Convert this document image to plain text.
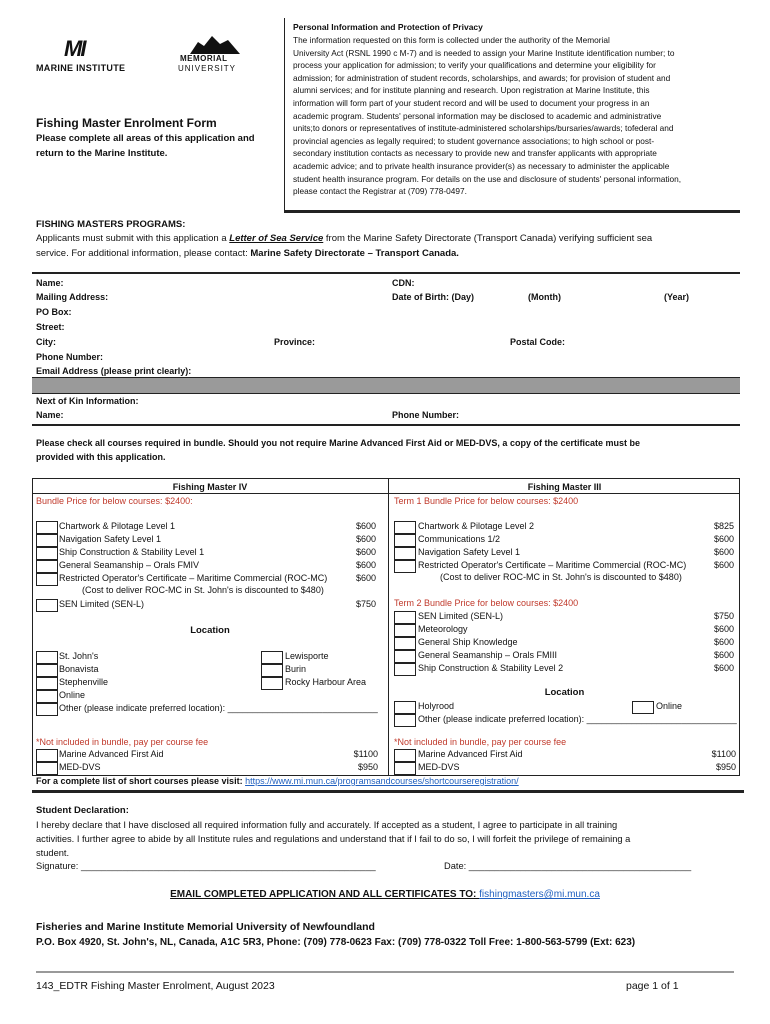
MI
MARINE INSTITUTE
MEMORIAL
UNIVERSITY
Fishing Master Enrolment Form
Please complete all areas of this application and
return to the Marine Institute.
Personal Information and Protection of Privacy
The information requested on this form is collected under the authority of the Memorial
University Act (RSNL 1990 c M-7) and is needed to assign your Marine Institute identification number; to
process your application for admission; to verify your qualifications and determine your eligibility for
admission; for administration of student records, scholarships, and awards; for provision of student and
alumni services; and for institute planning and research. Upon registration at Marine Institute, this
information will form part of your student record and will be used to document your progress in an
academic program. Students' personal information may be disclosed to academic and administrative
units;to donors or representatives of institute-administered scholarships/bursaries/awards; tofederal and
provincial agencies as legally required; to student governance associations; to high school or post-
secondary institution contacts as necessary to provide new and transfer applicants with appropriate
academic advice; and to private health insurance provider(s) as necessary to administer the applicable
student health insurance program. For details on the use and disclosure of students' personal information,
please contact the Registrar at (709) 778-0497.
FISHING MASTERS PROGRAMS:
Applicants must submit with this application a Letter of Sea Service from the Marine Safety Directorate (Transport Canada) verifying sufficient sea
service. For additional information, please contact: Marine Safety Directorate – Transport Canada.
Name:	CDN:
Mailing Address:	Date of Birth: (Day)	(Month)	(Year)
PO Box:
Street:
City:	Province:	Postal Code:
Phone Number:
Email Address (please print clearly):
Next of Kin Information:
Name:	Phone Number:
Please check all courses required in bundle. Should you not require Marine Advanced First Aid or MED-DVS, a copy of the certificate must be
provided with this application.
Fishing Master IV
Bundle Price for below courses: $2400:
Chartwork & Pilotage Level 1	$600
Navigation Safety Level 1	$600
Ship Construction & Stability Level 1	$600
General Seamanship – Orals FMIV	$600
Restricted Operator's Certificate – Maritime Commercial (ROC-MC)	$600
(Cost to deliver ROC-MC in St. John's is discounted to $480)
SEN Limited (SEN-L)	$750
Location
St. John's
Bonavista
Stephenville
Online
Other (please indicate preferred location): ______________________________
Lewisporte
Burin
Rocky Harbour Area
*Not included in bundle, pay per course fee
Marine Advanced First Aid	$1100
MED-DVS	$950
Fishing Master III
Term 1 Bundle Price for below courses: $2400
Chartwork & Pilotage Level 2	$825
Communications 1/2	$600
Navigation Safety Level 1	$600
Restricted Operator's Certificate – Maritime Commercial (ROC-MC)	$600
(Cost to deliver ROC-MC in St. John's is discounted to $480)
Term 2 Bundle Price for below courses: $2400
SEN Limited (SEN-L)	$750
Meteorology	$600
General Ship Knowledge	$600
General Seamanship – Orals FMIII	$600
Ship Construction & Stability Level 2	$600
Location
Holyrood	Online
Other (please indicate preferred location): ______________________________
*Not included in bundle, pay per course fee
Marine Advanced First Aid	$1100
MED-DVS	$950
For a complete list of short courses please visit: https://www.mi.mun.ca/programsandcourses/shortcourseregistration/
Student Declaration:
I hereby declare that I have disclosed all required information fully and accurately. If accepted as a student, I agree to participate in all training
activities. I further agree to abide by all Institute rules and regulations and understand that if I fail to do so, I will forfeit the privilege of remaining a
student.
Signature: _________________________________________________________	Date: ___________________________________________
EMAIL COMPLETED APPLICATION AND ALL CERTIFICATES TO: fishingmasters@mi.mun.ca
Fisheries and Marine Institute Memorial University of Newfoundland
P.O. Box 4920, St. John's, NL, Canada, A1C 5R3, Phone: (709) 778-0623 Fax: (709) 778-0322 Toll Free: 1-800-563-5799 (Ext: 623)
143_EDTR Fishing Master Enrolment, August 2023	page 1 of 1
